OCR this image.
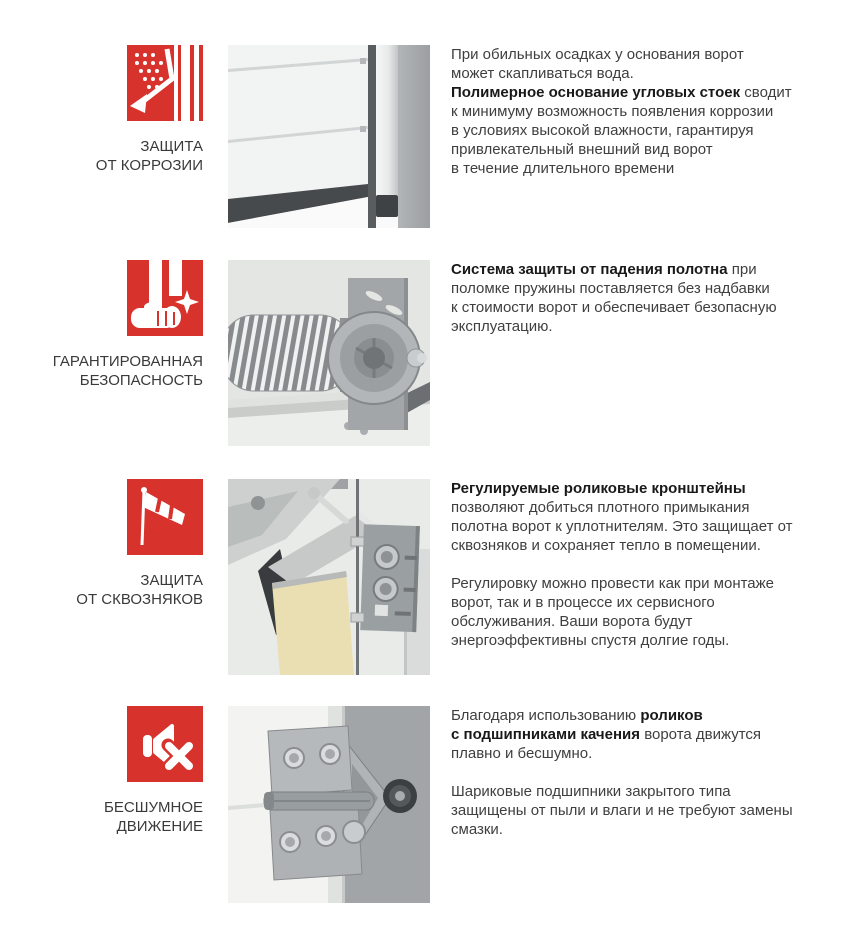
ЗАЩИТА
ОТ КОРРОЗИИ

При обильных осадках у основания ворот
может скапливаться вода.

Полимерное основание угловых стоек сводит
к минимуму возможность появления коррозии
в условиях высокой влажности, гарантируя
привлекательный внешний вид ворот
в течение длительного времени

ГАРАНТИРОВАННАЯ
БЕЗОПАСНОСТЬ

Система защиты от падения полотна при
поломке пружины поставляется без надбавки
к стоимости ворот и обеспечивает безопасную
эксплуатацию.

ЗАЩИТА
ОТ СКВОЗНЯКОВ

Регулируемые роликовые кронштейны
позволяют добиться плотного примыкания
полотна ворот к уплотнителям. Это защищает от
сквозняков и сохраняет тепло в помещении.

Регулировку можно провести как при монтаже
ворот, так и в процессе их сервисного
обслуживания. Ваши ворота будут
энергоэффективны спустя долгие годы.

БЕСШУМНОЕ
ДВИЖЕНИЕ

Благодаря использованию роликов
с подшипниками качения ворота движутся
плавно и бесшумно.

Шариковые подшипники закрытого типа
защищены от пыли и влаги и не требуют замены
смазки.
